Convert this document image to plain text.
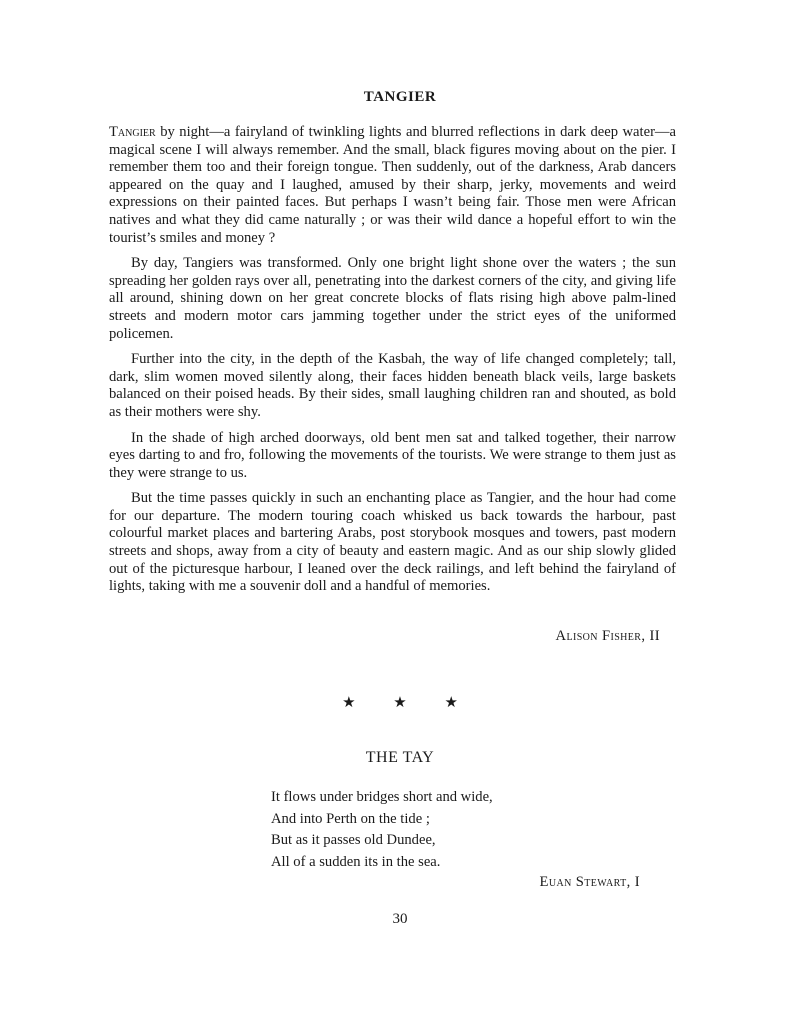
TANGIER

Tangier by night—a fairyland of twinkling lights and blurred reflections in dark deep water—a magical scene I will always remember. And the small, black figures moving about on the pier. I remember them too and their foreign tongue. Then suddenly, out of the darkness, Arab dancers appeared on the quay and I laughed, amused by their sharp, jerky, movements and weird expressions on their painted faces. But perhaps I wasn’t being fair. Those men were African natives and what they did came naturally ; or was their wild dance a hopeful effort to win the tourist’s smiles and money ?

By day, Tangiers was transformed. Only one bright light shone over the waters ; the sun spreading her golden rays over all, penetrating into the darkest corners of the city, and giving life all around, shining down on her great concrete blocks of flats rising high above palm-lined streets and modern motor cars jamming together under the strict eyes of the uniformed policemen.

Further into the city, in the depth of the Kasbah, the way of life changed completely; tall, dark, slim women moved silently along, their faces hidden beneath black veils, large baskets balanced on their poised heads. By their sides, small laughing children ran and shouted, as bold as their mothers were shy.

In the shade of high arched doorways, old bent men sat and talked together, their narrow eyes darting to and fro, following the movements of the tourists. We were strange to them just as they were strange to us.

But the time passes quickly in such an enchanting place as Tangier, and the hour had come for our departure. The modern touring coach whisked us back towards the harbour, past colourful market places and bartering Arabs, post storybook mosques and towers, past modern streets and shops, away from a city of beauty and eastern magic. And as our ship slowly glided out of the picturesque harbour, I leaned over the deck railings, and left behind the fairyland of lights, taking with me a souvenir doll and a handful of memories.

Alison Fisher, II
★	★	★
THE TAY
It flows under bridges short and wide,
And into Perth on the tide ;
But as it passes old Dundee,
All of a sudden its in the sea.
Euan Stewart, I
30
